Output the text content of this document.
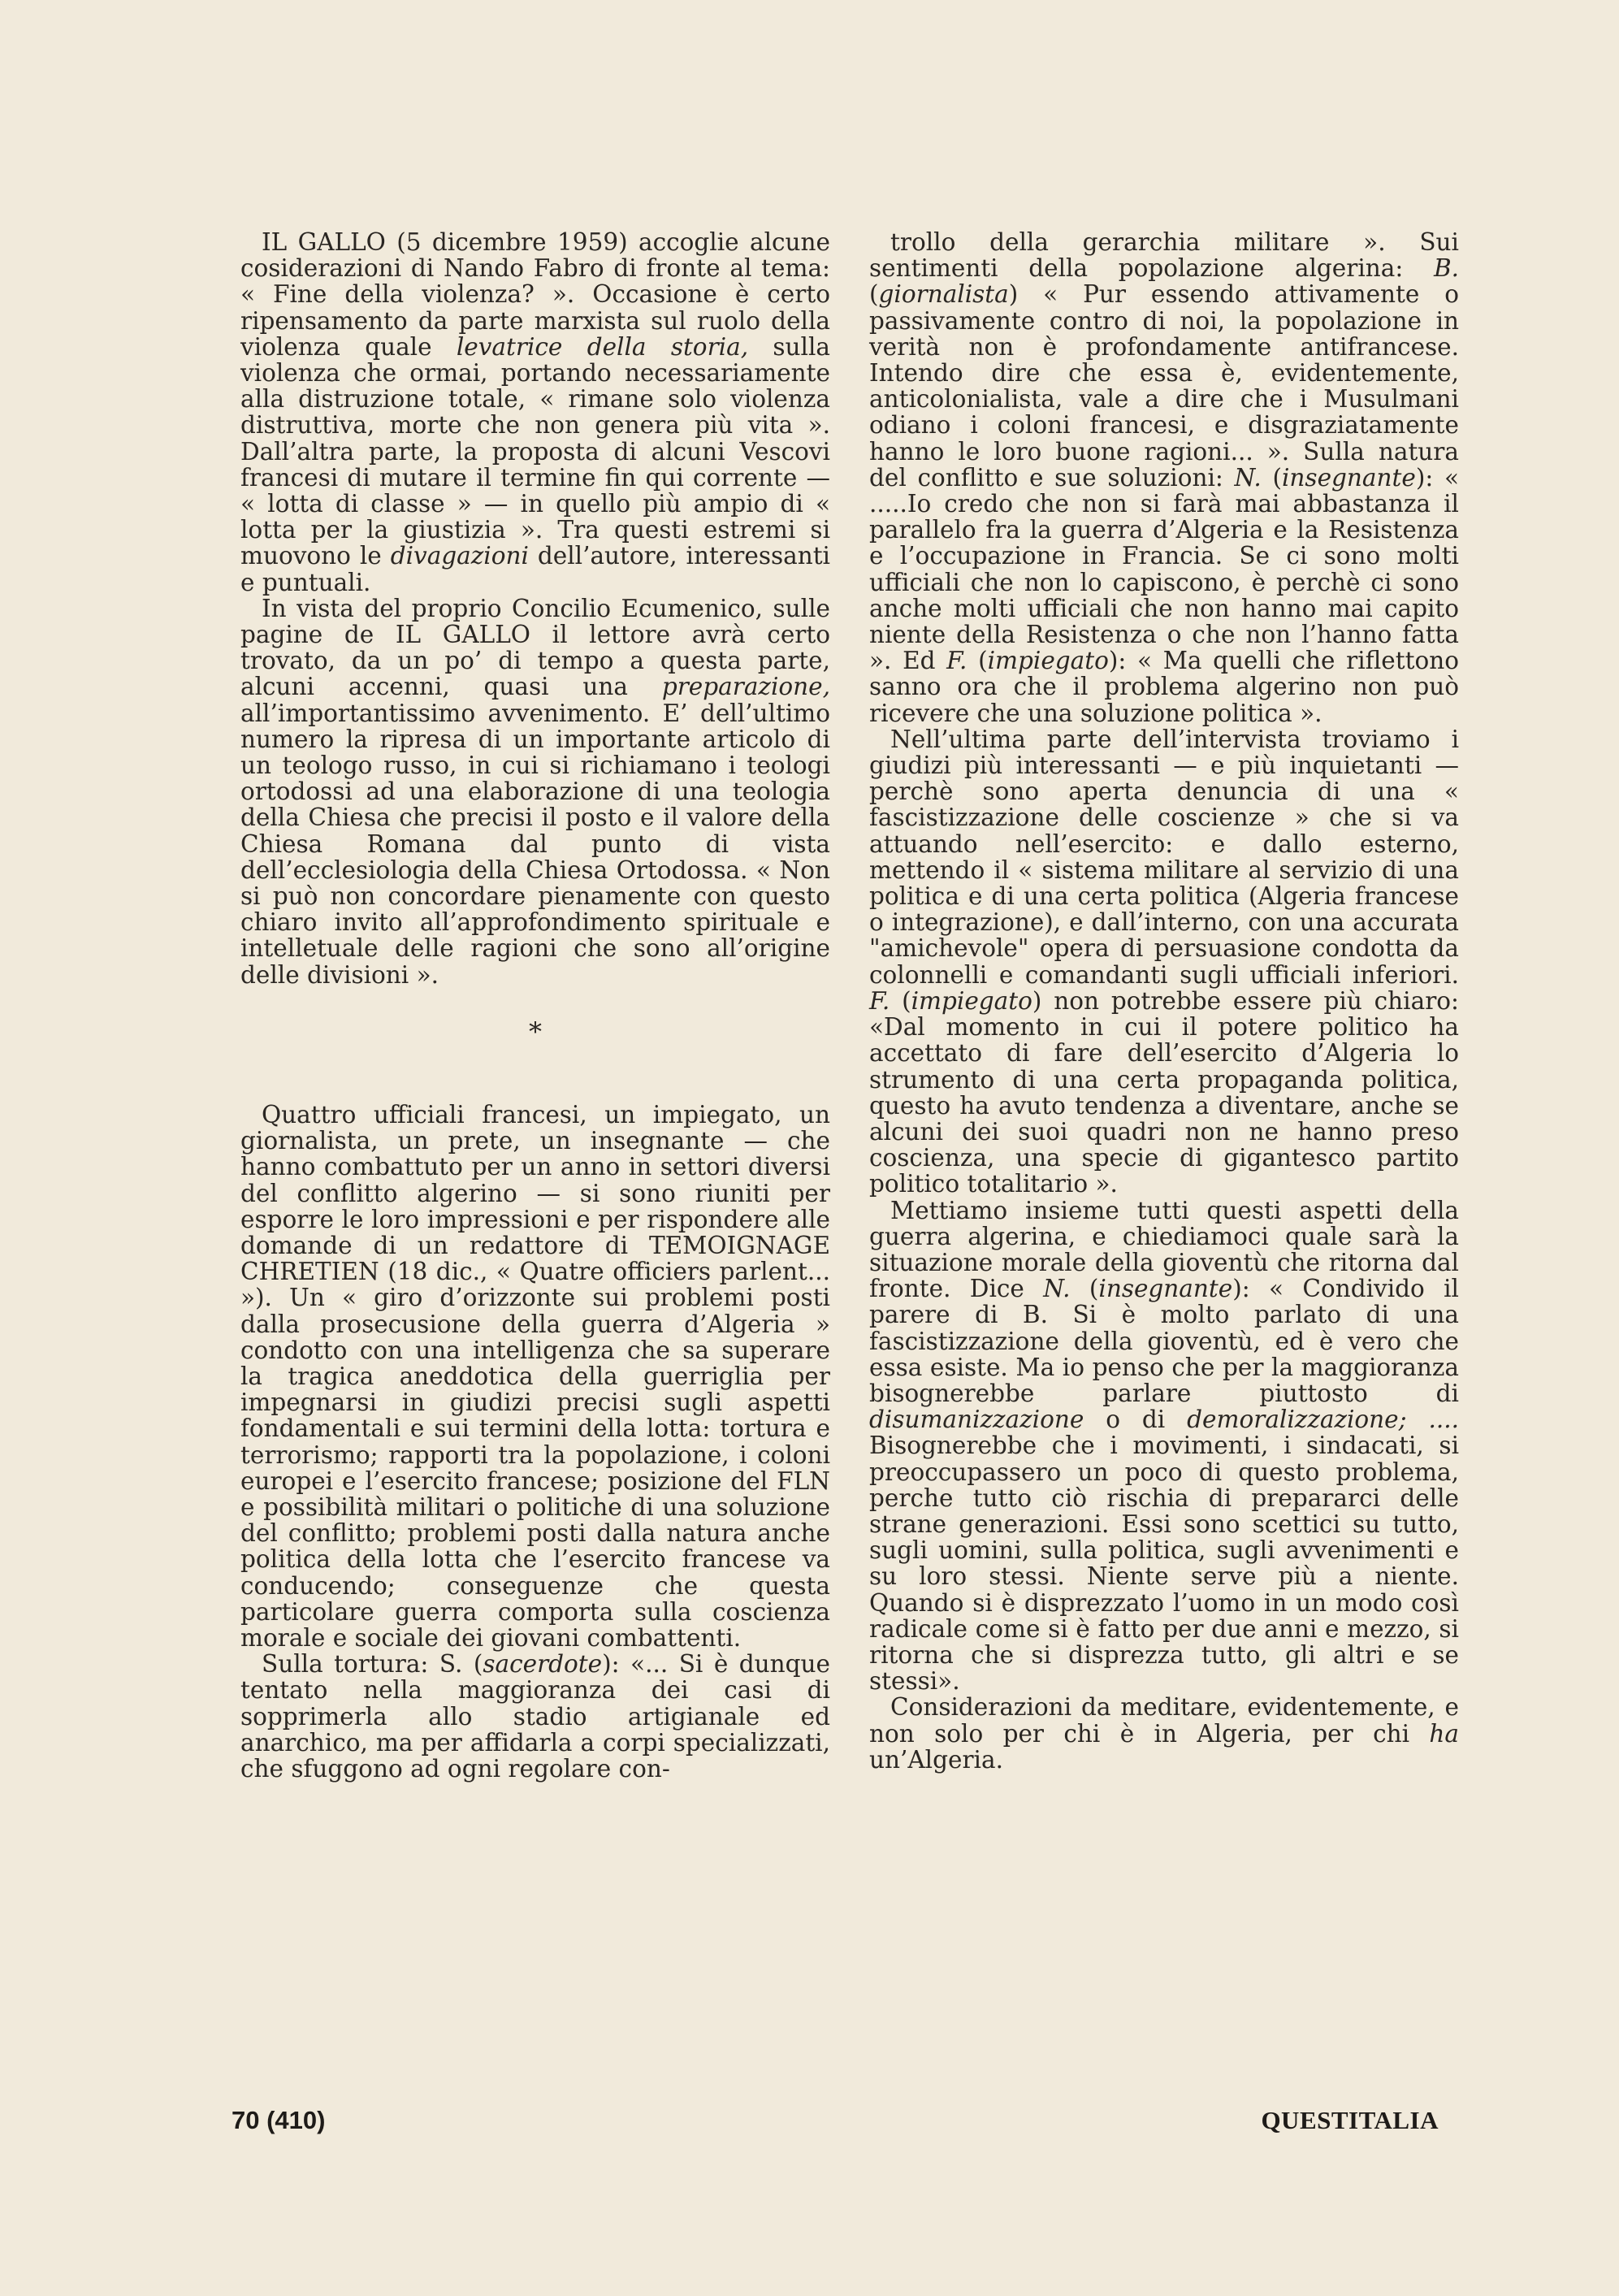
IL GALLO (5 dicembre 1959) accoglie alcune cosiderazioni di Nando Fabro di fronte al tema: « Fine della violenza? ». Occasione è certo ripensamento da parte marxista sul ruolo della violenza quale levatrice della storia, sulla violenza che ormai, portando necessariamente alla distruzione totale, « rimane solo violenza distruttiva, morte che non genera più vita ». Dall’altra parte, la proposta di alcuni Vescovi francesi di mutare il termine fin qui corrente — « lotta di classe » — in quello più ampio di « lotta per la giustizia ». Tra questi estremi si muovono le divagazioni dell’autore, interessanti e puntuali.

In vista del proprio Concilio Ecumenico, sulle pagine de IL GALLO il lettore avrà certo trovato, da un po’ di tempo a questa parte, alcuni accenni, quasi una preparazione, all’importantissimo avvenimento. E’ dell’ultimo numero la ripresa di un importante articolo di un teologo russo, in cui si richiamano i teologi ortodossi ad una elaborazione di una teologia della Chiesa che precisi il posto e il valore della Chiesa Romana dal punto di vista dell’ecclesiologia della Chiesa Ortodossa. « Non si può non concordare pienamente con questo chiaro invito all’approfondimento spirituale e intelletuale delle ragioni che sono all’origine delle divisioni ».

*

Quattro ufficiali francesi, un impiegato, un giornalista, un prete, un insegnante — che hanno combattuto per un anno in settori diversi del conflitto algerino — si sono riuniti per esporre le loro impressioni e per rispondere alle domande di un redattore di TEMOIGNAGE CHRETIEN (18 dic., « Quatre officiers parlent... »). Un « giro d’orizzonte sui problemi posti dalla prosecusione della guerra d’Algeria » condotto con una intelligenza che sa superare la tragica aneddotica della guerriglia per impegnarsi in giudizi precisi sugli aspetti fondamentali e sui termini della lotta: tortura e terrorismo; rapporti tra la popolazione, i coloni europei e l’esercito francese; posizione del FLN e possibilità militari o politiche di una soluzione del conflitto; problemi posti dalla natura anche politica della lotta che l’esercito francese va conducendo; conseguenze che questa particolare guerra comporta sulla coscienza morale e sociale dei giovani combattenti.

Sulla tortura: S. (sacerdote): «... Si è dunque tentato nella maggioranza dei casi di sopprimerla allo stadio artigianale ed anarchico, ma per affidarla a corpi specializzati, che sfuggono ad ogni regolare con-

trollo della gerarchia militare ». Sui sentimenti della popolazione algerina: B. (giornalista) « Pur essendo attivamente o passivamente contro di noi, la popolazione in verità non è profondamente antifrancese. Intendo dire che essa è, evidentemente, anticolonialista, vale a dire che i Musulmani odiano i coloni francesi, e disgraziatamente hanno le loro buone ragioni... ». Sulla natura del conflitto e sue soluzioni: N. (insegnante): « .....Io credo che non si farà mai abbastanza il parallelo fra la guerra d’Algeria e la Resistenza e l’occupazione in Francia. Se ci sono molti ufficiali che non lo capiscono, è perchè ci sono anche molti ufficiali che non hanno mai capito niente della Resistenza o che non l’hanno fatta ». Ed F. (impiegato): « Ma quelli che riflettono sanno ora che il problema algerino non può ricevere che una soluzione politica ».

Nell’ultima parte dell’intervista troviamo i giudizi più interessanti — e più inquietanti — perchè sono aperta denuncia di una « fascistizzazione delle coscienze » che si va attuando nell’esercito: e dallo esterno, mettendo il « sistema militare al servizio di una politica e di una certa politica (Algeria francese o integrazione), e dall’interno, con una accurata "amichevole" opera di persuasione condotta da colonnelli e comandanti sugli ufficiali inferiori. F. (impiegato) non potrebbe essere più chiaro: «Dal momento in cui il potere politico ha accettato di fare dell’esercito d’Algeria lo strumento di una certa propaganda politica, questo ha avuto tendenza a diventare, anche se alcuni dei suoi quadri non ne hanno preso coscienza, una specie di gigantesco partito politico totalitario ».

Mettiamo insieme tutti questi aspetti della guerra algerina, e chiediamoci quale sarà la situazione morale della gioventù che ritorna dal fronte. Dice N. (insegnante): « Condivido il parere di B. Si è molto parlato di una fascistizzazione della gioventù, ed è vero che essa esiste. Ma io penso che per la maggioranza bisognerebbe parlare piuttosto di disumanizzazione o di demoralizzazione; .... Bisognerebbe che i movimenti, i sindacati, si preoccupassero un poco di questo problema, perche tutto ciò rischia di prepararci delle strane generazioni. Essi sono scettici su tutto, sugli uomini, sulla politica, sugli avvenimenti e su loro stessi. Niente serve più a niente. Quando si è disprezzato l’uomo in un modo così radicale come si è fatto per due anni e mezzo, si ritorna che si disprezza tutto, gli altri e se stessi».

Considerazioni da meditare, evidentemente, e non solo per chi è in Algeria, per chi ha un’Algeria.

70 (410)	QUESTITALIA
